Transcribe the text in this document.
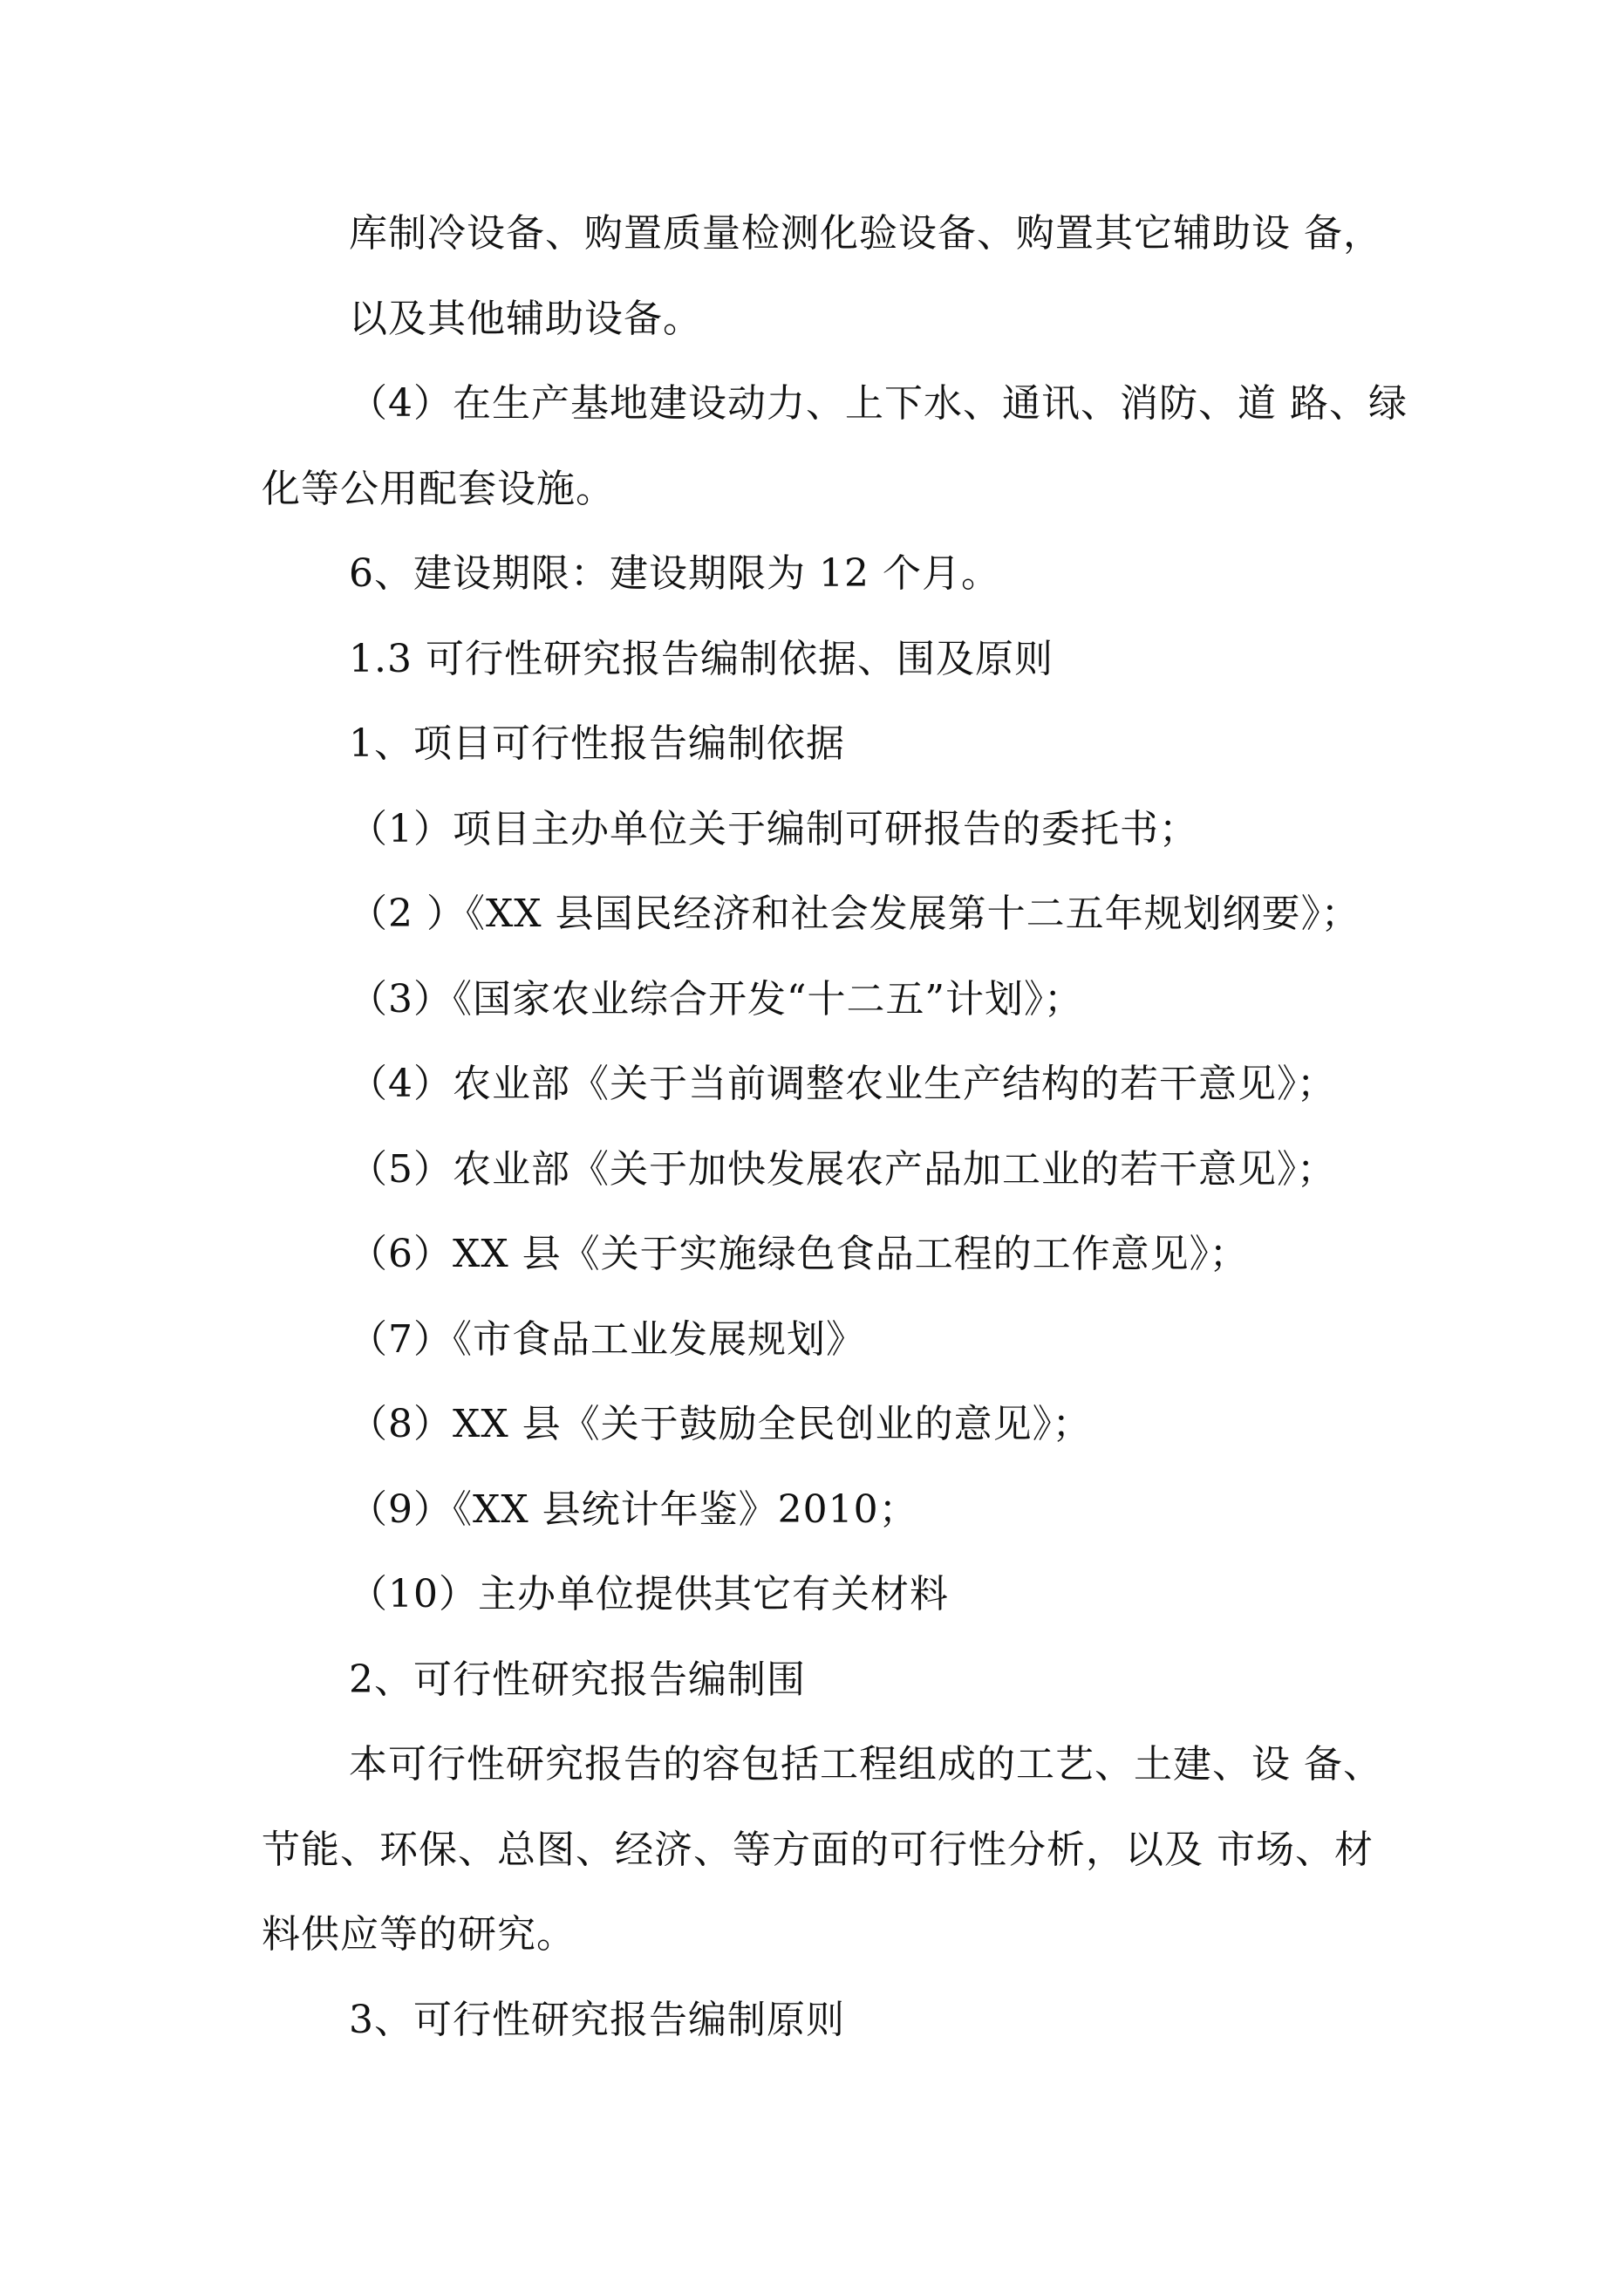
库制冷设备、购置质量检测化验设备、购置其它辅助设 备，
以及其他辅助设备。
（4）在生产基地建设动力、上下水、通讯、消防、道 路、绿
化等公用配套设施。
6、建设期限：建设期限为 12 个月。
1.3 可行性研究报告编制依据、围及原则
1、项目可行性报告编制依据
（1）项目主办单位关于编制可研报告的委托书；
（2 ）《XX 县国民经济和社会发展第十二五年规划纲要》；
（3）《国家农业综合开发“十二五”计划》；
（4）农业部《关于当前调整农业生产结构的若干意见》；
（5）农业部《关于加快发展农产品加工业的若干意见》；
（6）XX 县《关于实施绿色食品工程的工作意见》；
（7）《市食品工业发展规划》
（8）XX 县《关于鼓励全民创业的意见》；
（9）《XX 县统计年鉴》2010；
（10）主办单位提供其它有关材料
2、可行性研究报告编制围
本可行性研究报告的容包括工程组成的工艺、土建、设 备、
节能、环保、总图、经济、等方面的可行性分析，以及 市场、材
料供应等的研究。
3、可行性研究报告编制原则
